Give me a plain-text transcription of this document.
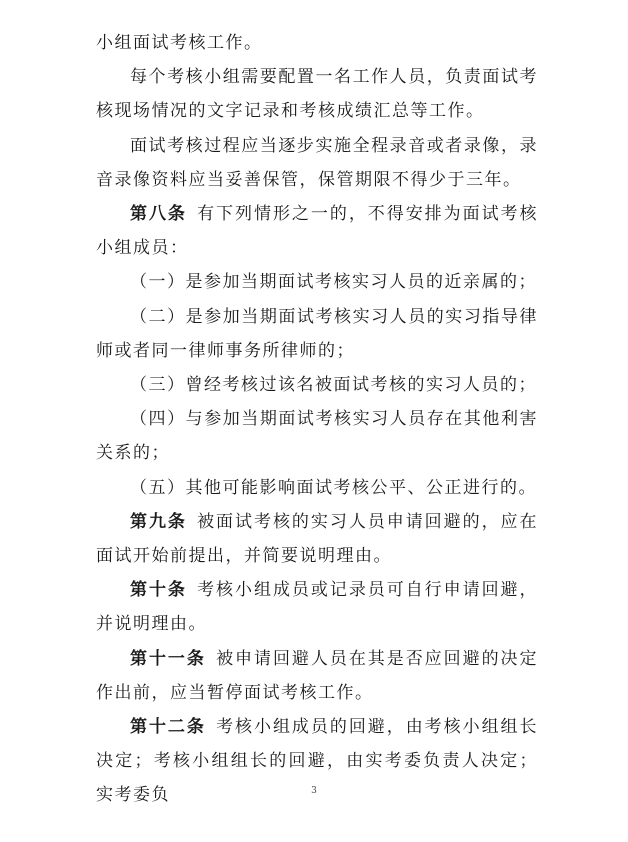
小组面试考核工作。

每个考核小组需要配置一名工作人员，负责面试考核现场情况的文字记录和考核成绩汇总等工作。

面试考核过程应当逐步实施全程录音或者录像，录音录像资料应当妥善保管，保管期限不得少于三年。

第八条 有下列情形之一的，不得安排为面试考核小组成员：

（一）是参加当期面试考核实习人员的近亲属的；

（二）是参加当期面试考核实习人员的实习指导律师或者同一律师事务所律师的；

（三）曾经考核过该名被面试考核的实习人员的；

（四）与参加当期面试考核实习人员存在其他利害关系的；

（五）其他可能影响面试考核公平、公正进行的。

第九条 被面试考核的实习人员申请回避的，应在面试开始前提出，并简要说明理由。

第十条 考核小组成员或记录员可自行申请回避，并说明理由。

第十一条 被申请回避人员在其是否应回避的决定作出前，应当暂停面试考核工作。

第十二条 考核小组成员的回避，由考核小组组长决定；考核小组组长的回避，由实考委负责人决定；实考委负	3
